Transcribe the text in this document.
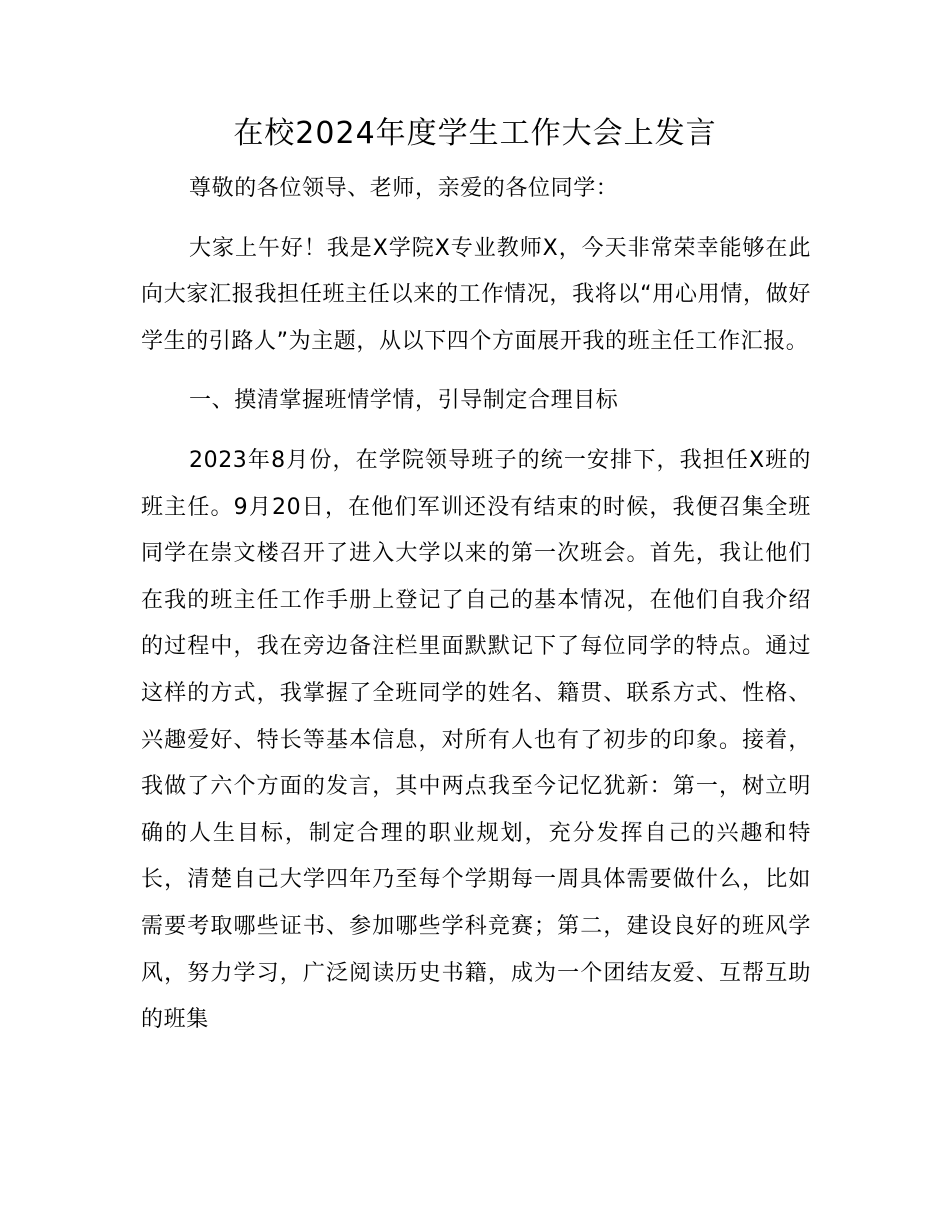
在校2024年度学生工作大会上发言

尊敬的各位领导、老师，亲爱的各位同学：

大家上午好！我是X学院X专业教师X，今天非常荣幸能够在此向大家汇报我担任班主任以来的工作情况，我将以“用心用情，做好学生的引路人”为主题，从以下四个方面展开我的班主任工作汇报。

一、摸清掌握班情学情，引导制定合理目标

2023年8月份，在学院领导班子的统一安排下，我担任X班的班主任。9月20日，在他们军训还没有结束的时候，我便召集全班同学在崇文楼召开了进入大学以来的第一次班会。首先，我让他们在我的班主任工作手册上登记了自己的基本情况，在他们自我介绍的过程中，我在旁边备注栏里面默默记下了每位同学的特点。通过这样的方式，我掌握了全班同学的姓名、籍贯、联系方式、性格、兴趣爱好、特长等基本信息，对所有人也有了初步的印象。接着，我做了六个方面的发言，其中两点我至今记忆犹新：第一，树立明确的人生目标，制定合理的职业规划，充分发挥自己的兴趣和特长，清楚自己大学四年乃至每个学期每一周具体需要做什么，比如需要考取哪些证书、参加哪些学科竞赛；第二，建设良好的班风学风，努力学习，广泛阅读历史书籍，成为一个团结友爱、互帮互助的班集
